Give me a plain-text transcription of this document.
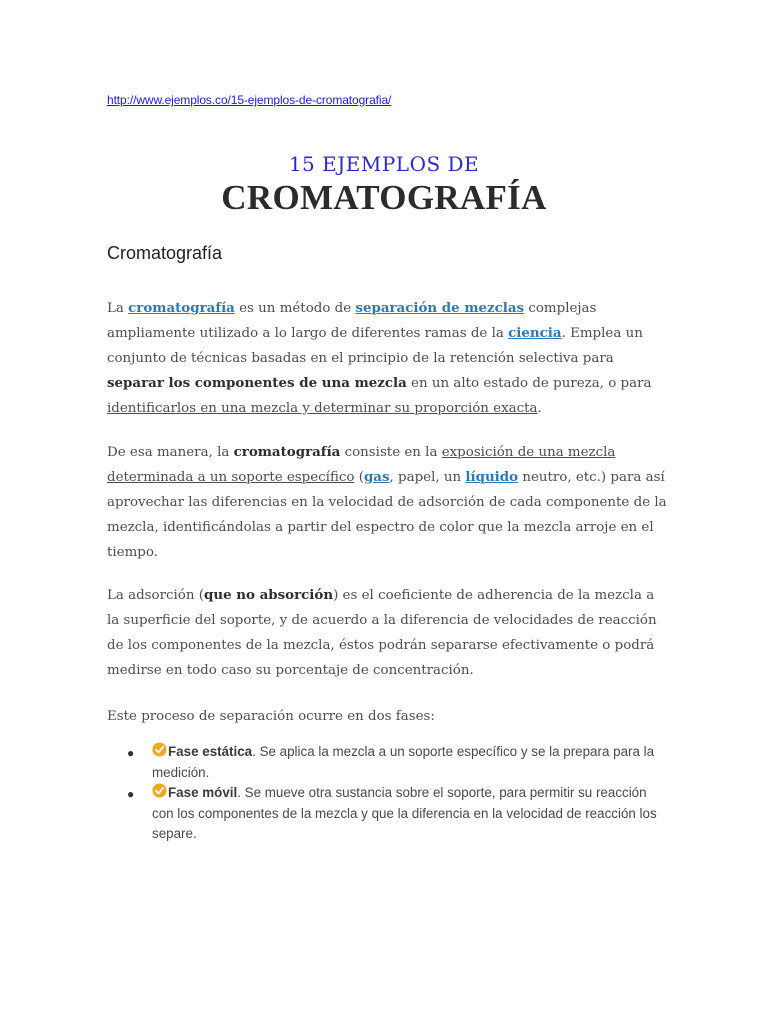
http://www.ejemplos.co/15-ejemplos-de-cromatografia/
15 EJEMPLOS DE
CROMATOGRAFÍA
Cromatografía

La cromatografía es un método de separación de mezclas complejas ampliamente utilizado a lo largo de diferentes ramas de la ciencia. Emplea un conjunto de técnicas basadas en el principio de la retención selectiva para separar los componentes de una mezcla en un alto estado de pureza, o para identificarlos en una mezcla y determinar su proporción exacta.

De esa manera, la cromatografía consiste en la exposición de una mezcla determinada a un soporte específico (gas, papel, un líquido neutro, etc.) para así aprovechar las diferencias en la velocidad de adsorción de cada componente de la mezcla, identificándolas a partir del espectro de color que la mezcla arroje en el tiempo.

La adsorción (que no absorción) es el coeficiente de adherencia de la mezcla a la superficie del soporte, y de acuerdo a la diferencia de velocidades de reacción de los componentes de la mezcla, éstos podrán separarse efectivamente o podrá medirse en todo caso su porcentaje de concentración.

Este proceso de separación ocurre en dos fases:

●	Fase estática. Se aplica la mezcla a un soporte específico y se la prepara para la medición.
●	Fase móvil. Se mueve otra sustancia sobre el soporte, para permitir su reacción con los componentes de la mezcla y que la diferencia en la velocidad de reacción los separe.
